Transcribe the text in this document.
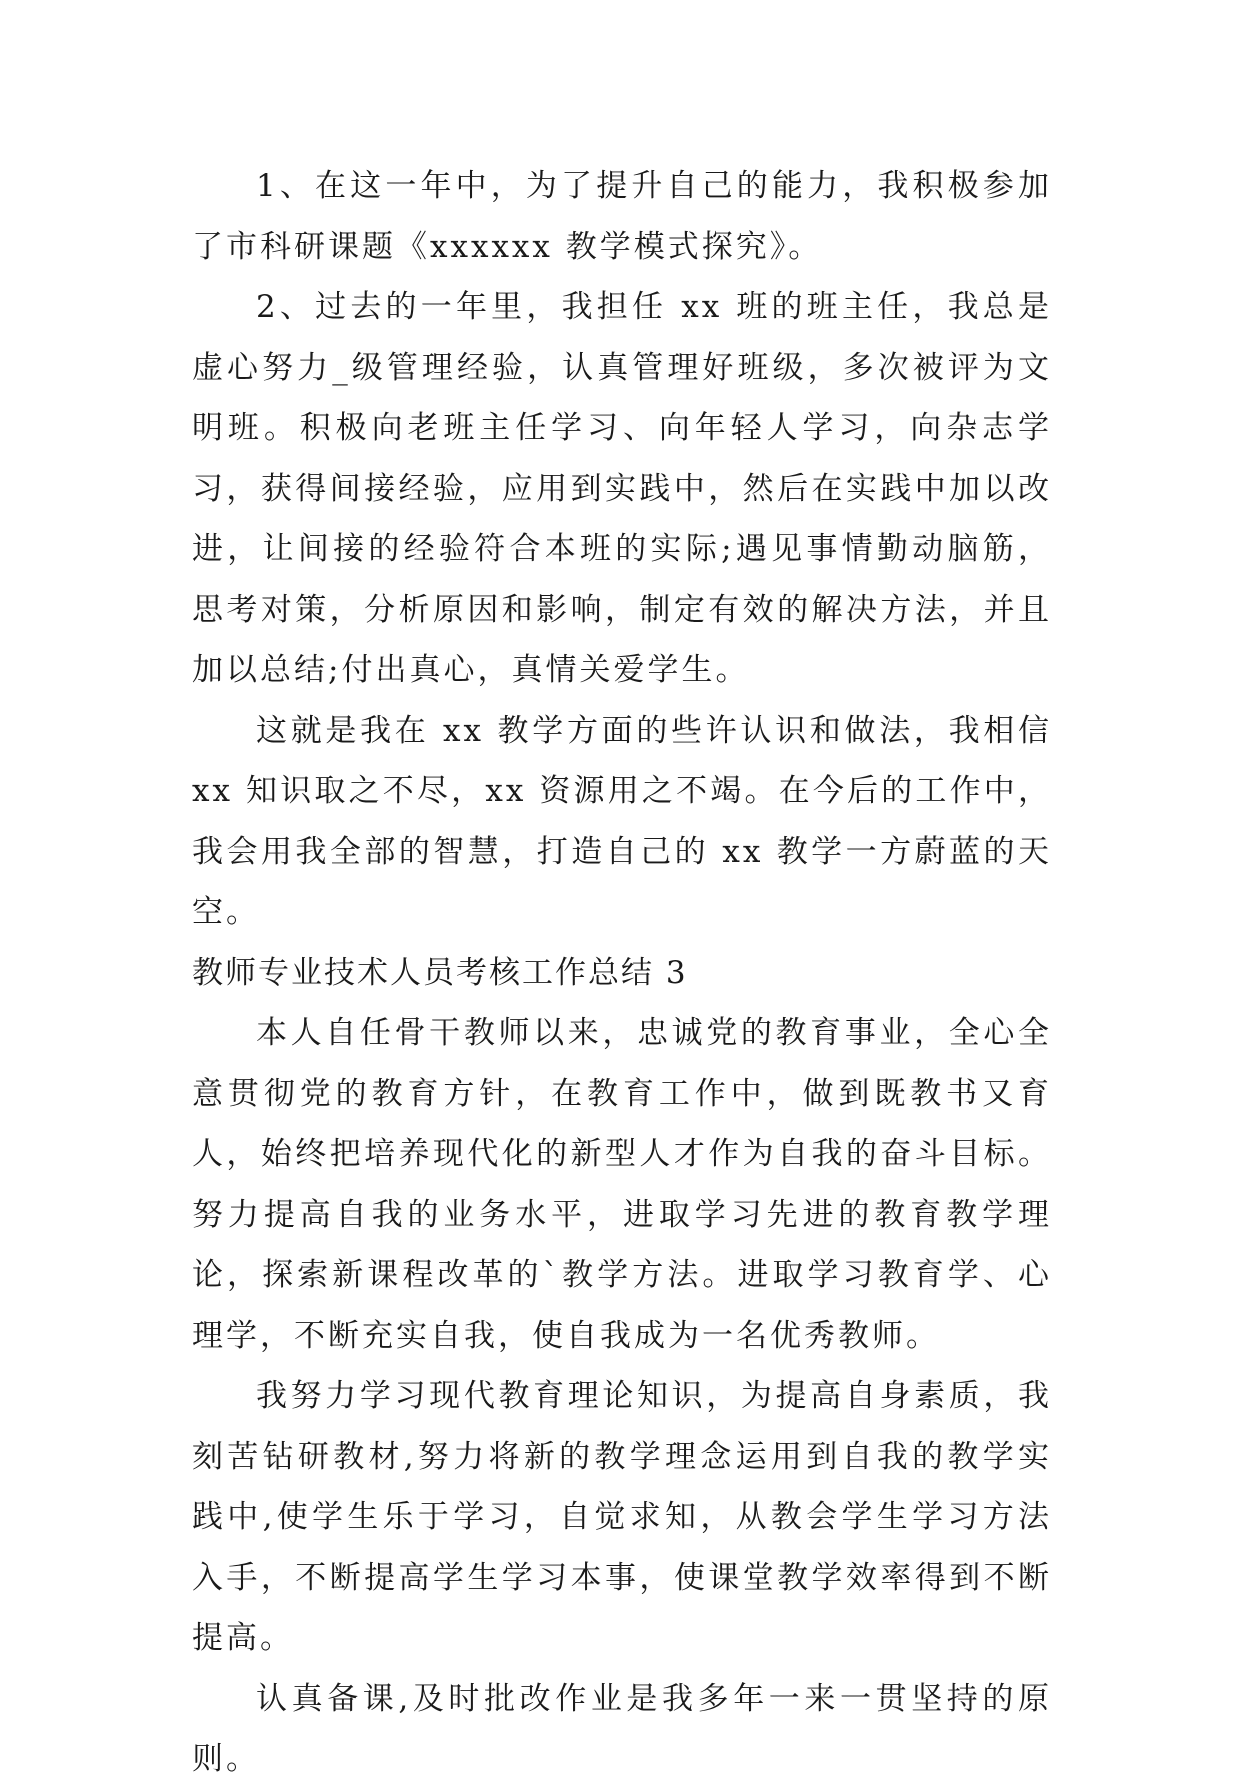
1、在这一年中，为了提升自己的能力，我积极参加了市科研课题《xxxxxx 教学模式探究》。

2、过去的一年里，我担任 xx 班的班主任，我总是虚心努力_级管理经验，认真管理好班级，多次被评为文明班。积极向老班主任学习、向年轻人学习，向杂志学习，获得间接经验，应用到实践中，然后在实践中加以改进，让间接的经验符合本班的实际;遇见事情勤动脑筋，思考对策，分析原因和影响，制定有效的解决方法，并且加以总结;付出真心，真情关爱学生。

这就是我在 xx 教学方面的些许认识和做法，我相信 xx 知识取之不尽，xx 资源用之不竭。在今后的工作中，我会用我全部的智慧，打造自己的 xx 教学一方蔚蓝的天空。

教师专业技术人员考核工作总结 3

本人自任骨干教师以来，忠诚党的教育事业，全心全意贯彻党的教育方针，在教育工作中，做到既教书又育人，始终把培养现代化的新型人才作为自我的奋斗目标。努力提高自我的业务水平，进取学习先进的教育教学理论，探索新课程改革的`教学方法。进取学习教育学、心理学，不断充实自我，使自我成为一名优秀教师。

我努力学习现代教育理论知识，为提高自身素质，我刻苦钻研教材,努力将新的教学理念运用到自我的教学实践中,使学生乐于学习，自觉求知，从教会学生学习方法入手，不断提高学生学习本事，使课堂教学效率得到不断提高。

认真备课,及时批改作业是我多年一来一贯坚持的原则。
